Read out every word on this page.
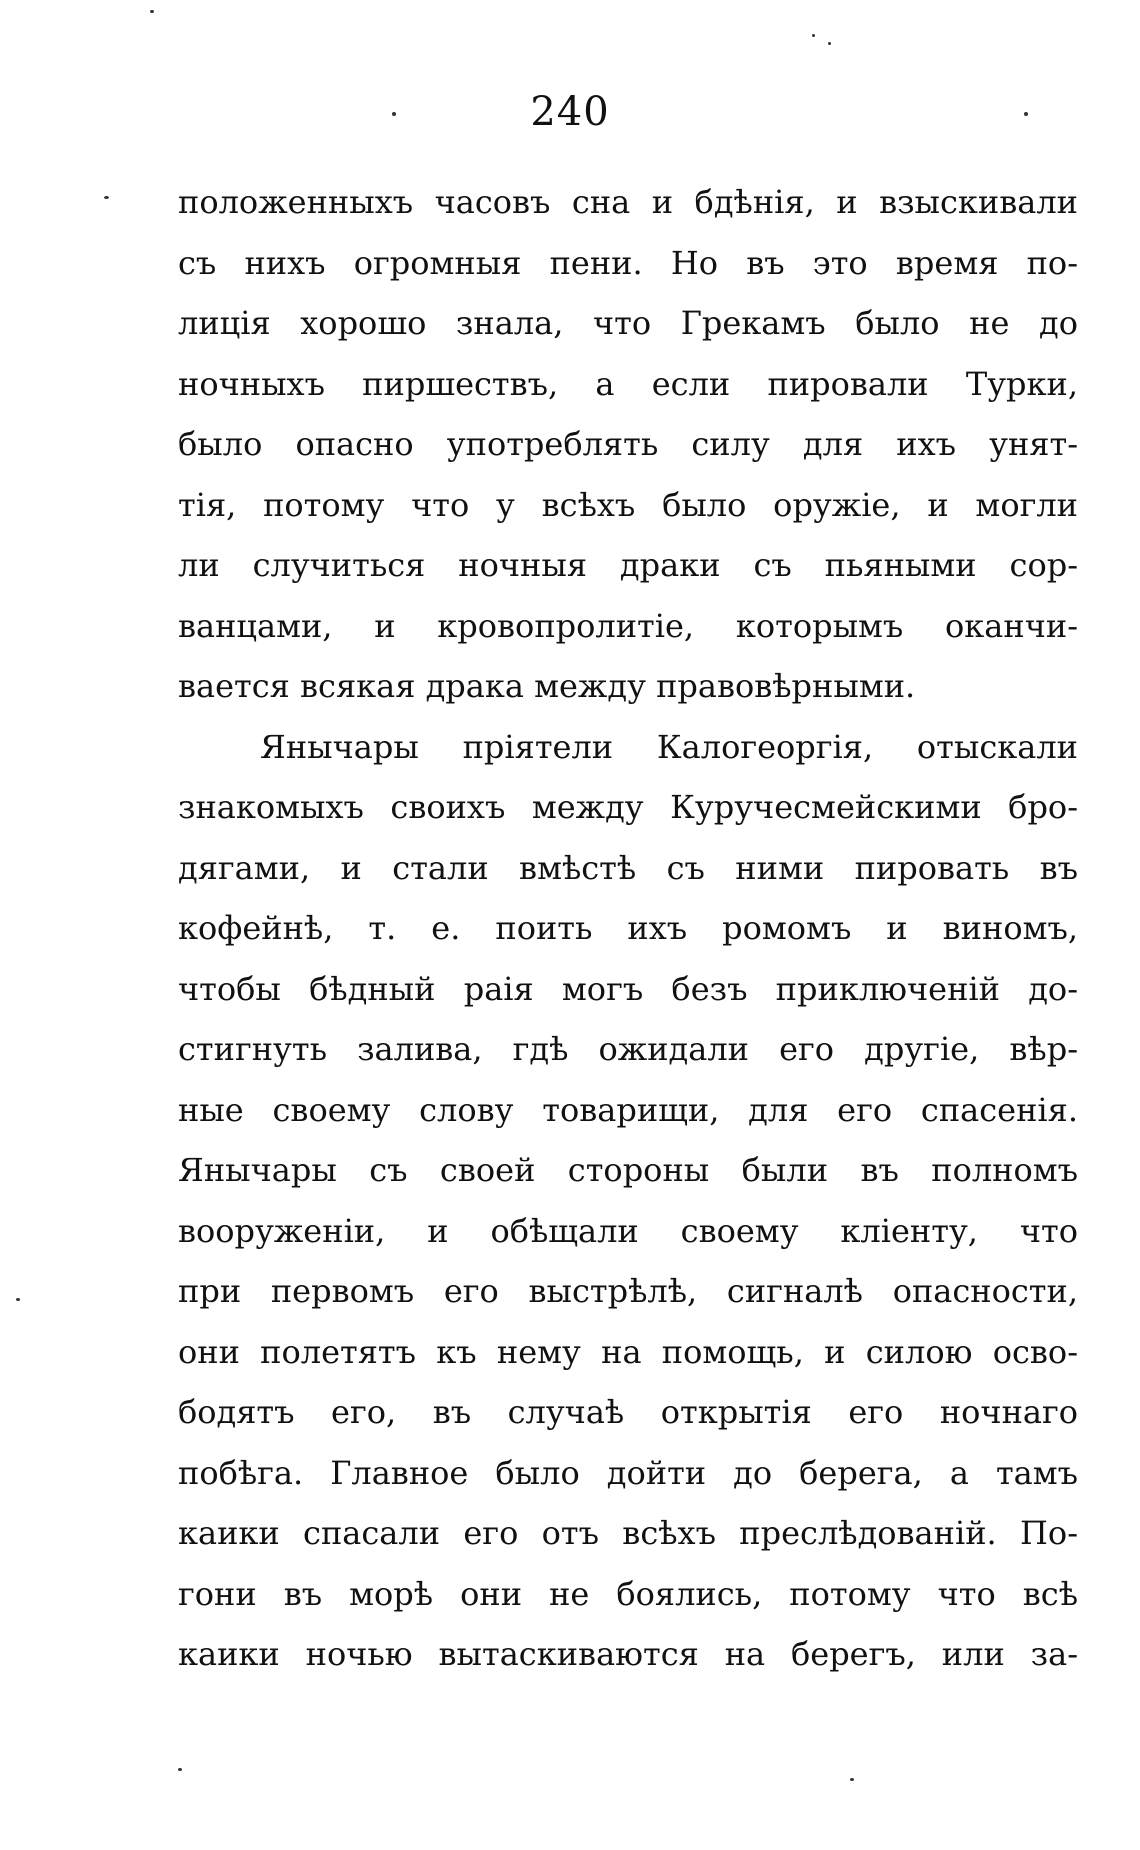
240
положенныхъ часовъ сна и бдѣнія, и взыскивали
съ нихъ огромныя пени. Но въ это время по-
лиція хорошо знала, что Грекамъ было не до
ночныхъ пиршествъ, а если пировали Турки,
было опасно употреблять силу для ихъ унят-
тія, потому что у всѣхъ было оружіе, и могли
ли случиться ночныя драки съ пьяными сор-
ванцами, и кровопролитіе, которымъ оканчи-
вается всякая драка между правовѣрными.
Янычары пріятели Калогеоргія, отыскали
знакомыхъ своихъ между Куручесмейскими бро-
дягами, и стали вмѣстѣ съ ними пировать въ
кофейнѣ, т. е. поить ихъ ромомъ и виномъ,
чтобы бѣдный раія могъ безъ приключеній до-
стигнуть залива, гдѣ ожидали его другіе, вѣр-
ные своему слову товарищи, для его спасенія.
Янычары съ своей стороны были въ полномъ
вооруженіи, и обѣщали своему кліенту, что
при первомъ его выстрѣлѣ, сигналѣ опасности,
они полетятъ къ нему на помощь, и силою осво-
бодятъ его, въ случаѣ открытія его ночнаго
побѣга. Главное было дойти до берега, а тамъ
каики спасали его отъ всѣхъ преслѣдованій. По-
гони въ морѣ они не боялись, потому что всѣ
каики ночью вытаскиваются на берегъ, или за-
